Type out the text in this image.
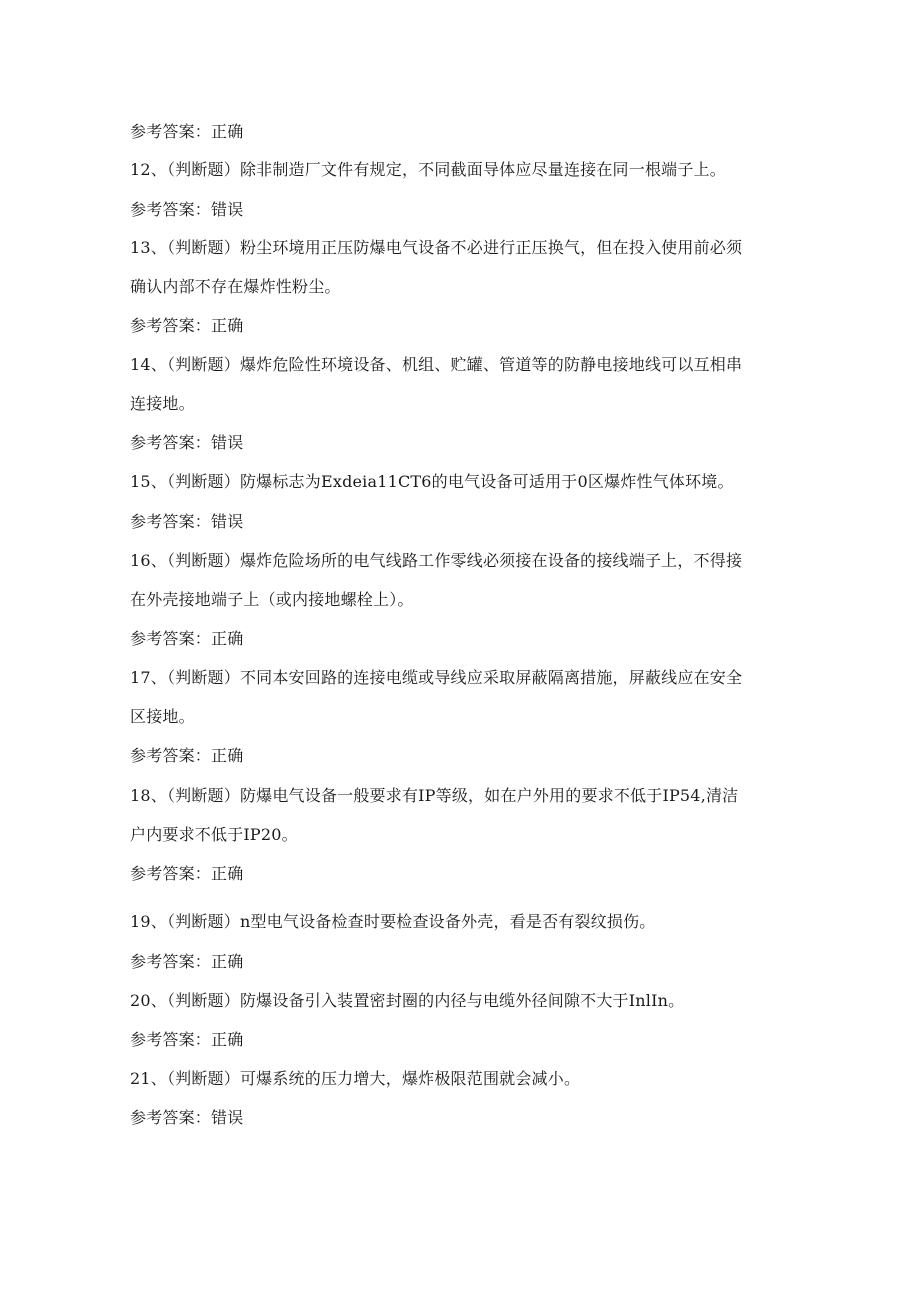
参考答案：正确
12、（判断题）除非制造厂文件有规定，不同截面导体应尽量连接在同一根端子上。
参考答案：错误
13、（判断题）粉尘环境用正压防爆电气设备不必进行正压换气，但在投入使用前必须
确认内部不存在爆炸性粉尘。
参考答案：正确
14、（判断题）爆炸危险性环境设备、机组、贮罐、管道等的防静电接地线可以互相串
连接地。
参考答案：错误
15、（判断题）防爆标志为Exdeia11CT6的电气设备可适用于0区爆炸性气体环境。
参考答案：错误
16、（判断题）爆炸危险场所的电气线路工作零线必须接在设备的接线端子上，不得接
在外壳接地端子上（或内接地螺栓上）。
参考答案：正确
17、（判断题）不同本安回路的连接电缆或导线应采取屏蔽隔离措施，屏蔽线应在安全
区接地。
参考答案：正确
18、（判断题）防爆电气设备一般要求有IP等级，如在户外用的要求不低于IP54,清洁
户内要求不低于IP20。
参考答案：正确
19、（判断题）n型电气设备检查时要检查设备外壳，看是否有裂纹损伤。
参考答案：正确
20、（判断题）防爆设备引入装置密封圈的内径与电缆外径间隙不大于InlIn。
参考答案：正确
21、（判断题）可爆系统的压力增大，爆炸极限范围就会减小。
参考答案：错误
